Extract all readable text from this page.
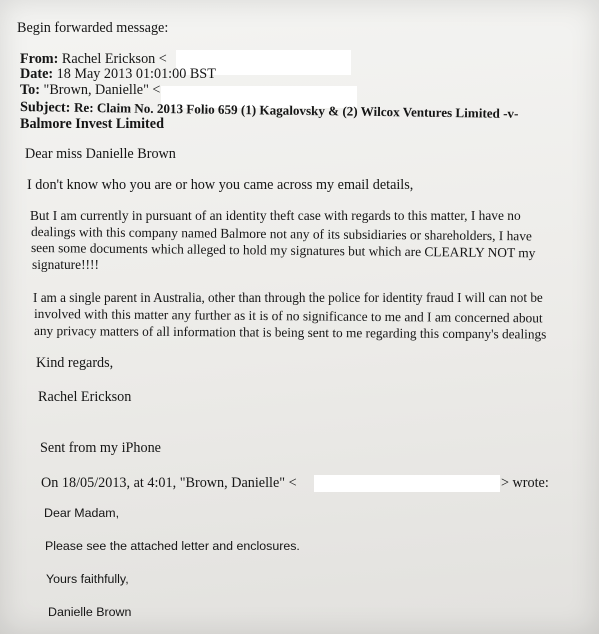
Begin forwarded message:
From: Rachel Erickson <
Date: 18 May 2013 01:01:00 BST
To: "Brown, Danielle" <
Subject: Re: Claim No. 2013 Folio 659 (1) Kagalovsky & (2) Wilcox Ventures Limited -v-
Balmore Invest Limited
Dear miss Danielle Brown
I don't know who you are or how you came across my email details,
But I am currently in pursuant of an identity theft case with regards to this matter, I have no
dealings with this company named Balmore not any of its subsidiaries or shareholders, I have
seen some documents which alleged to hold my signatures but which are CLEARLY NOT my
signature!!!!
I am a single parent in Australia, other than through the police for identity fraud I will can not be
involved with this matter any further as it is of no significance to me and I am concerned about
any privacy matters of all information that is being sent to me regarding this company's dealings
Kind regards,
Rachel Erickson
Sent from my iPhone
On 18/05/2013, at 4:01, "Brown, Danielle" <	> wrote:
Dear Madam,
Please see the attached letter and enclosures.
Yours faithfully,
Danielle Brown
